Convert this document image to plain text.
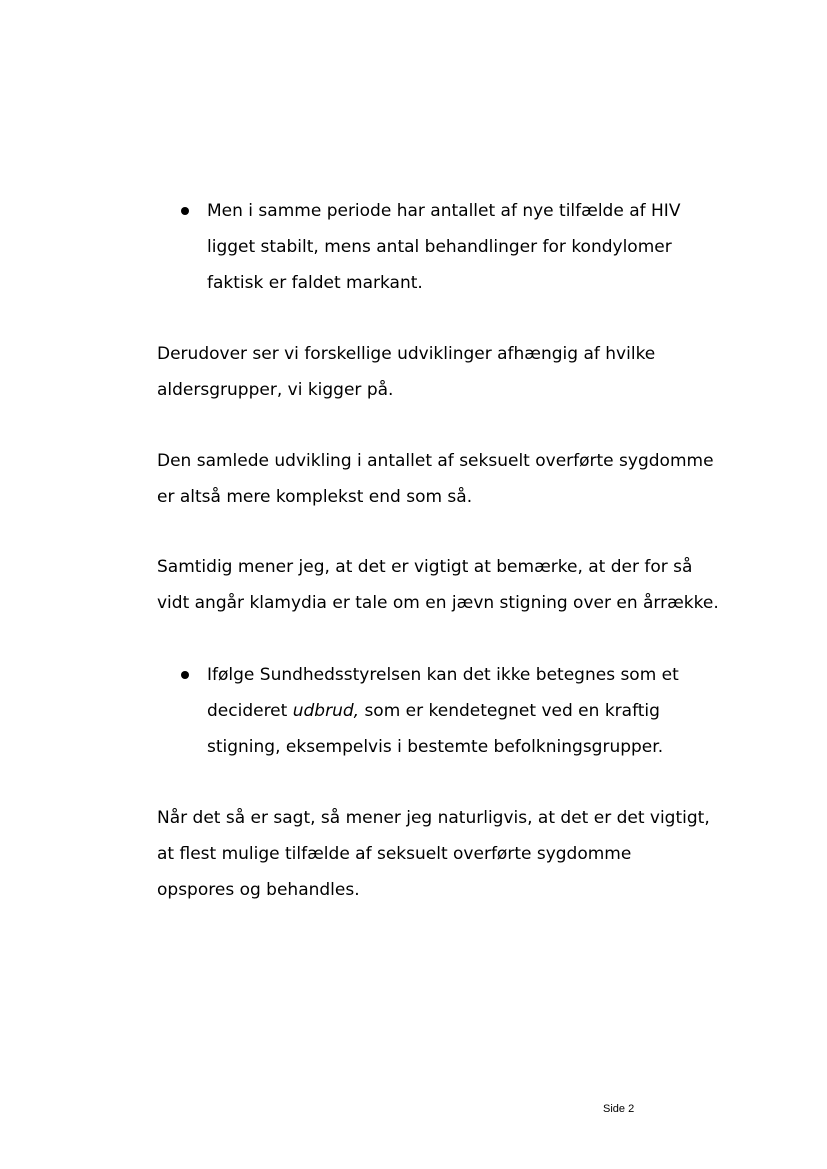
Men i samme periode har antallet af nye tilfælde af HIV
ligget stabilt, mens antal behandlinger for kondylomer
faktisk er faldet markant.
Derudover ser vi forskellige udviklinger afhængig af hvilke
aldersgrupper, vi kigger på.
Den samlede udvikling i antallet af seksuelt overførte sygdomme
er altså mere komplekst end som så.
Samtidig mener jeg, at det er vigtigt at bemærke, at der for så
vidt angår klamydia er tale om en jævn stigning over en årrække.
Ifølge Sundhedsstyrelsen kan det ikke betegnes som et
decideret udbrud, som er kendetegnet ved en kraftig
stigning, eksempelvis i bestemte befolkningsgrupper.
Når det så er sagt, så mener jeg naturligvis, at det er det vigtigt,
at flest mulige tilfælde af seksuelt overførte sygdomme
opspores og behandles.
Side 2
